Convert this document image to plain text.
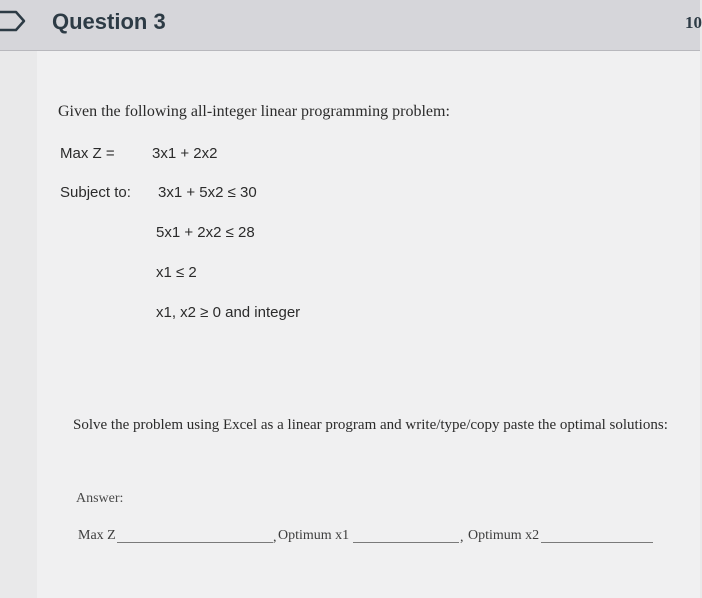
Question 3	10
Given the following all-integer linear programming problem:
Max Z = 3x1 + 2x2
Subject to: 3x1 + 5x2 ≤ 30
5x1 + 2x2 ≤ 28
x1 ≤ 2
x1, x2 ≥ 0 and integer
Solve the problem using Excel as a linear program and write/type/copy paste the optimal solutions:
Answer:
Max Z	, Optimum x1	, Optimum x2
